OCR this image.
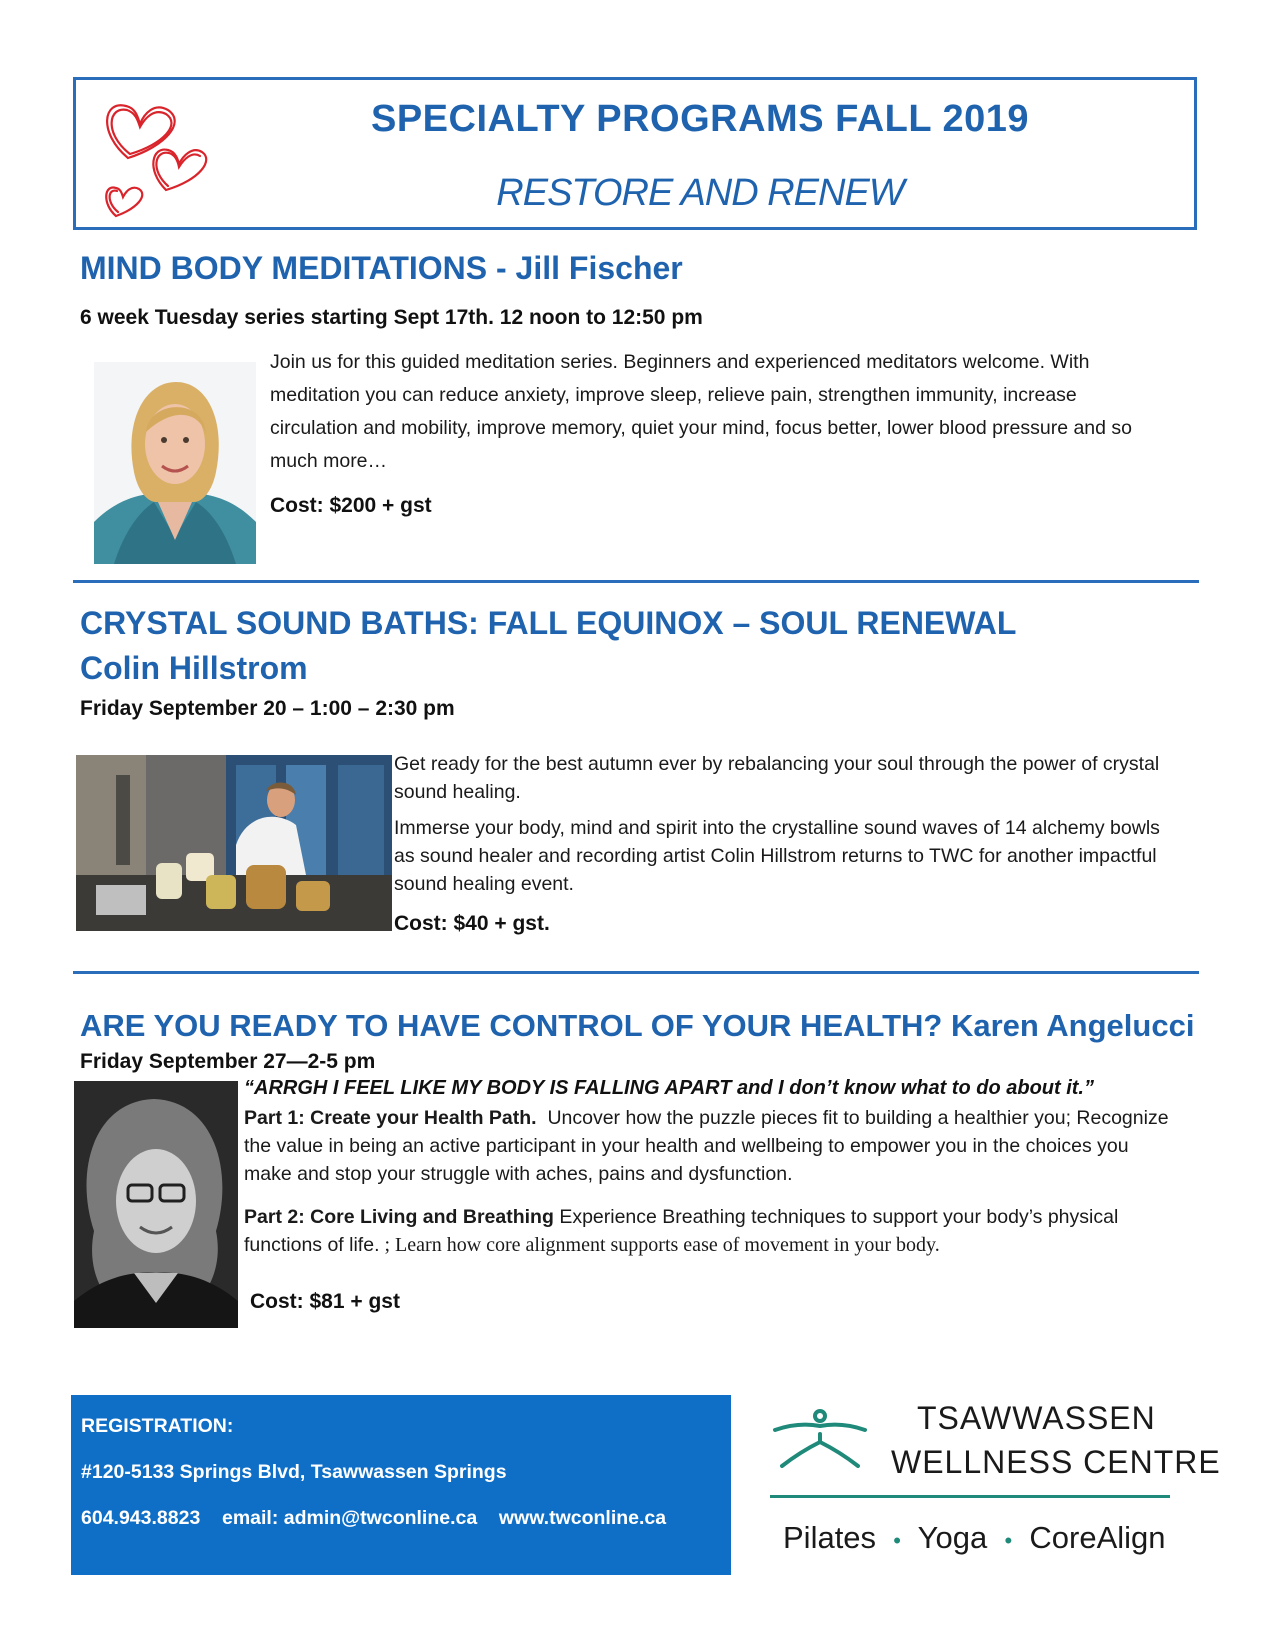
SPECIALTY PROGRAMS FALL 2019
RESTORE AND RENEW
MIND BODY MEDITATIONS - Jill Fischer
6 week Tuesday series starting Sept 17th. 12 noon to 12:50 pm
Join us for this guided meditation series. Beginners and experienced meditators welcome. With meditation you can reduce anxiety, improve sleep, relieve pain, strengthen immunity, increase circulation and mobility, improve memory, quiet your mind, focus better, lower blood pressure and so much more…
Cost: $200 + gst
CRYSTAL SOUND BATHS: FALL EQUINOX – SOUL RENEWAL
Colin Hillstrom
Friday September 20 – 1:00 – 2:30 pm
Get ready for the best autumn ever by rebalancing your soul through the power of crystal sound healing.
Immerse your body, mind and spirit into the crystalline sound waves of 14 alchemy bowls as sound healer and recording artist Colin Hillstrom returns to TWC for another impactful sound healing event.
Cost: $40 + gst.
ARE YOU READY TO HAVE CONTROL OF YOUR HEALTH? Karen Angelucci
Friday September 27—2-5 pm
“ARRGH I FEEL LIKE MY BODY IS FALLING APART and I don’t know what to do about it.”
Part 1: Create your Health Path. Uncover how the puzzle pieces fit to building a healthier you; Recognize the value in being an active participant in your health and wellbeing to empower you in the choices you make and stop your struggle with aches, pains and dysfunction.
Part 2: Core Living and Breathing Experience Breathing techniques to support your body’s physical functions of life. ; Learn how core alignment supports ease of movement in your body.
Cost: $81 + gst
REGISTRATION:
#120-5133 Springs Blvd, Tsawwassen Springs
604.943.8823 email: admin@twconline.ca www.twconline.ca
TSAWWASSEN
WELLNESS CENTRE
Pilates • Yoga • CoreAlign
